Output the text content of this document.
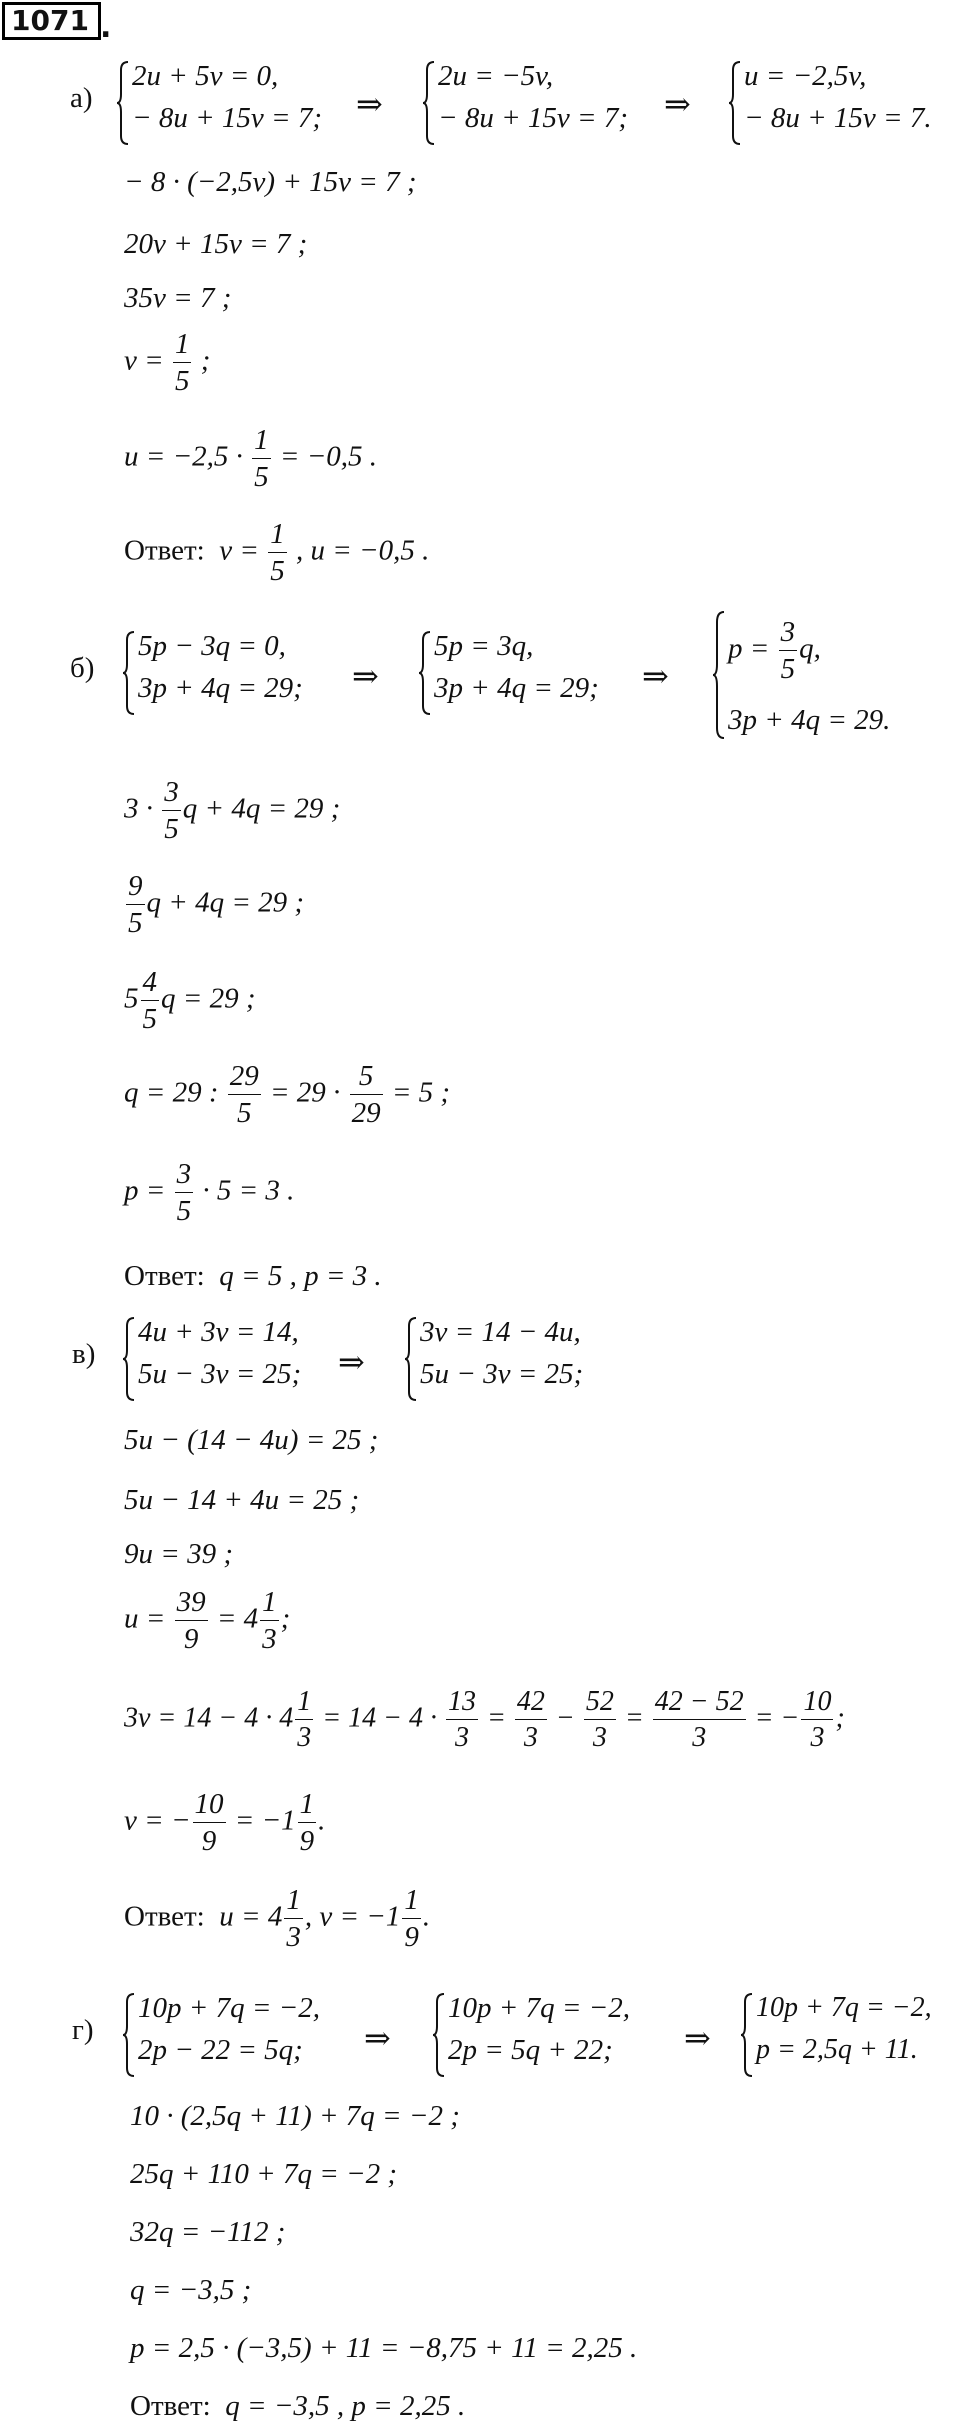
1071 .
а)
2u + 5v = 0,
− 8u + 15v = 7; ⇒
2u = −5v,
− 8u + 15v = 7; ⇒
u = −2,5v,
− 8u + 15v = 7.
− 8 · (−2,5v) + 15v = 7 ;
20v + 15v = 7 ;
35v = 7 ;
$v = \frac{1}{5}$ ;
$u = -2,5 \cdot \frac{1}{5} = -0,5$ .
Ответ: $v = \frac{1}{5}$ , u = −0,5 .
б)
5p − 3q = 0,
3p + 4q = 29; ⇒
5p = 3q,
3p + 4q = 29; ⇒
$p = \frac{3}{5} q$,
3p + 4q = 29.
$3 \cdot \frac{3}{5}$ q + 4q = 29 ;
$\frac{9}{5}$ q + 4q = 29 ;
$5 \frac{4}{5}$ q = 29 ;
q = 29 : $\frac{29}{5} = 29 \cdot \frac{5}{29} = 5$ ;
$p = \frac{3}{5} \cdot 5 = 3$ .
Ответ: q = 5 , p = 3 .
в)
4u + 3v = 14,
5u − 3v = 25; ⇒
3v = 14 − 4u,
5u − 3v = 25;
5u − (14 − 4u) = 25 ;
5u − 14 + 4u = 25 ;
9u = 39 ;
$u = \frac{39}{9} = 4 \frac{1}{3}$ ;
$3v = 14 - 4 \cdot 4 \frac{1}{3} = 14 - 4 \cdot \frac{13}{3} = \frac{42}{3} - \frac{52}{3} = \frac{42 - 52}{3}$ = − $\frac{10}{3}$ ;
v = − $\frac{10}{9} = -1 \frac{1}{9}$ .
Ответ: $u = 4 \frac{1}{3}$ , $v = -1 \frac{1}{9}$ .
г)
10p + 7q = −2,
2p − 22 = 5q; ⇒
10p + 7q = −2,
2p = 5q + 22; ⇒
10p + 7q = −2,
p = 2,5q + 11.
10 · (2,5q + 11) + 7q = −2 ;
25q + 110 + 7q = −2 ;
32q = −112 ;
q = −3,5 ;
p = 2,5 · (−3,5) + 11 = −8,75 + 11 = 2,25 .
Ответ: q = −3,5 , p = 2,25 .
